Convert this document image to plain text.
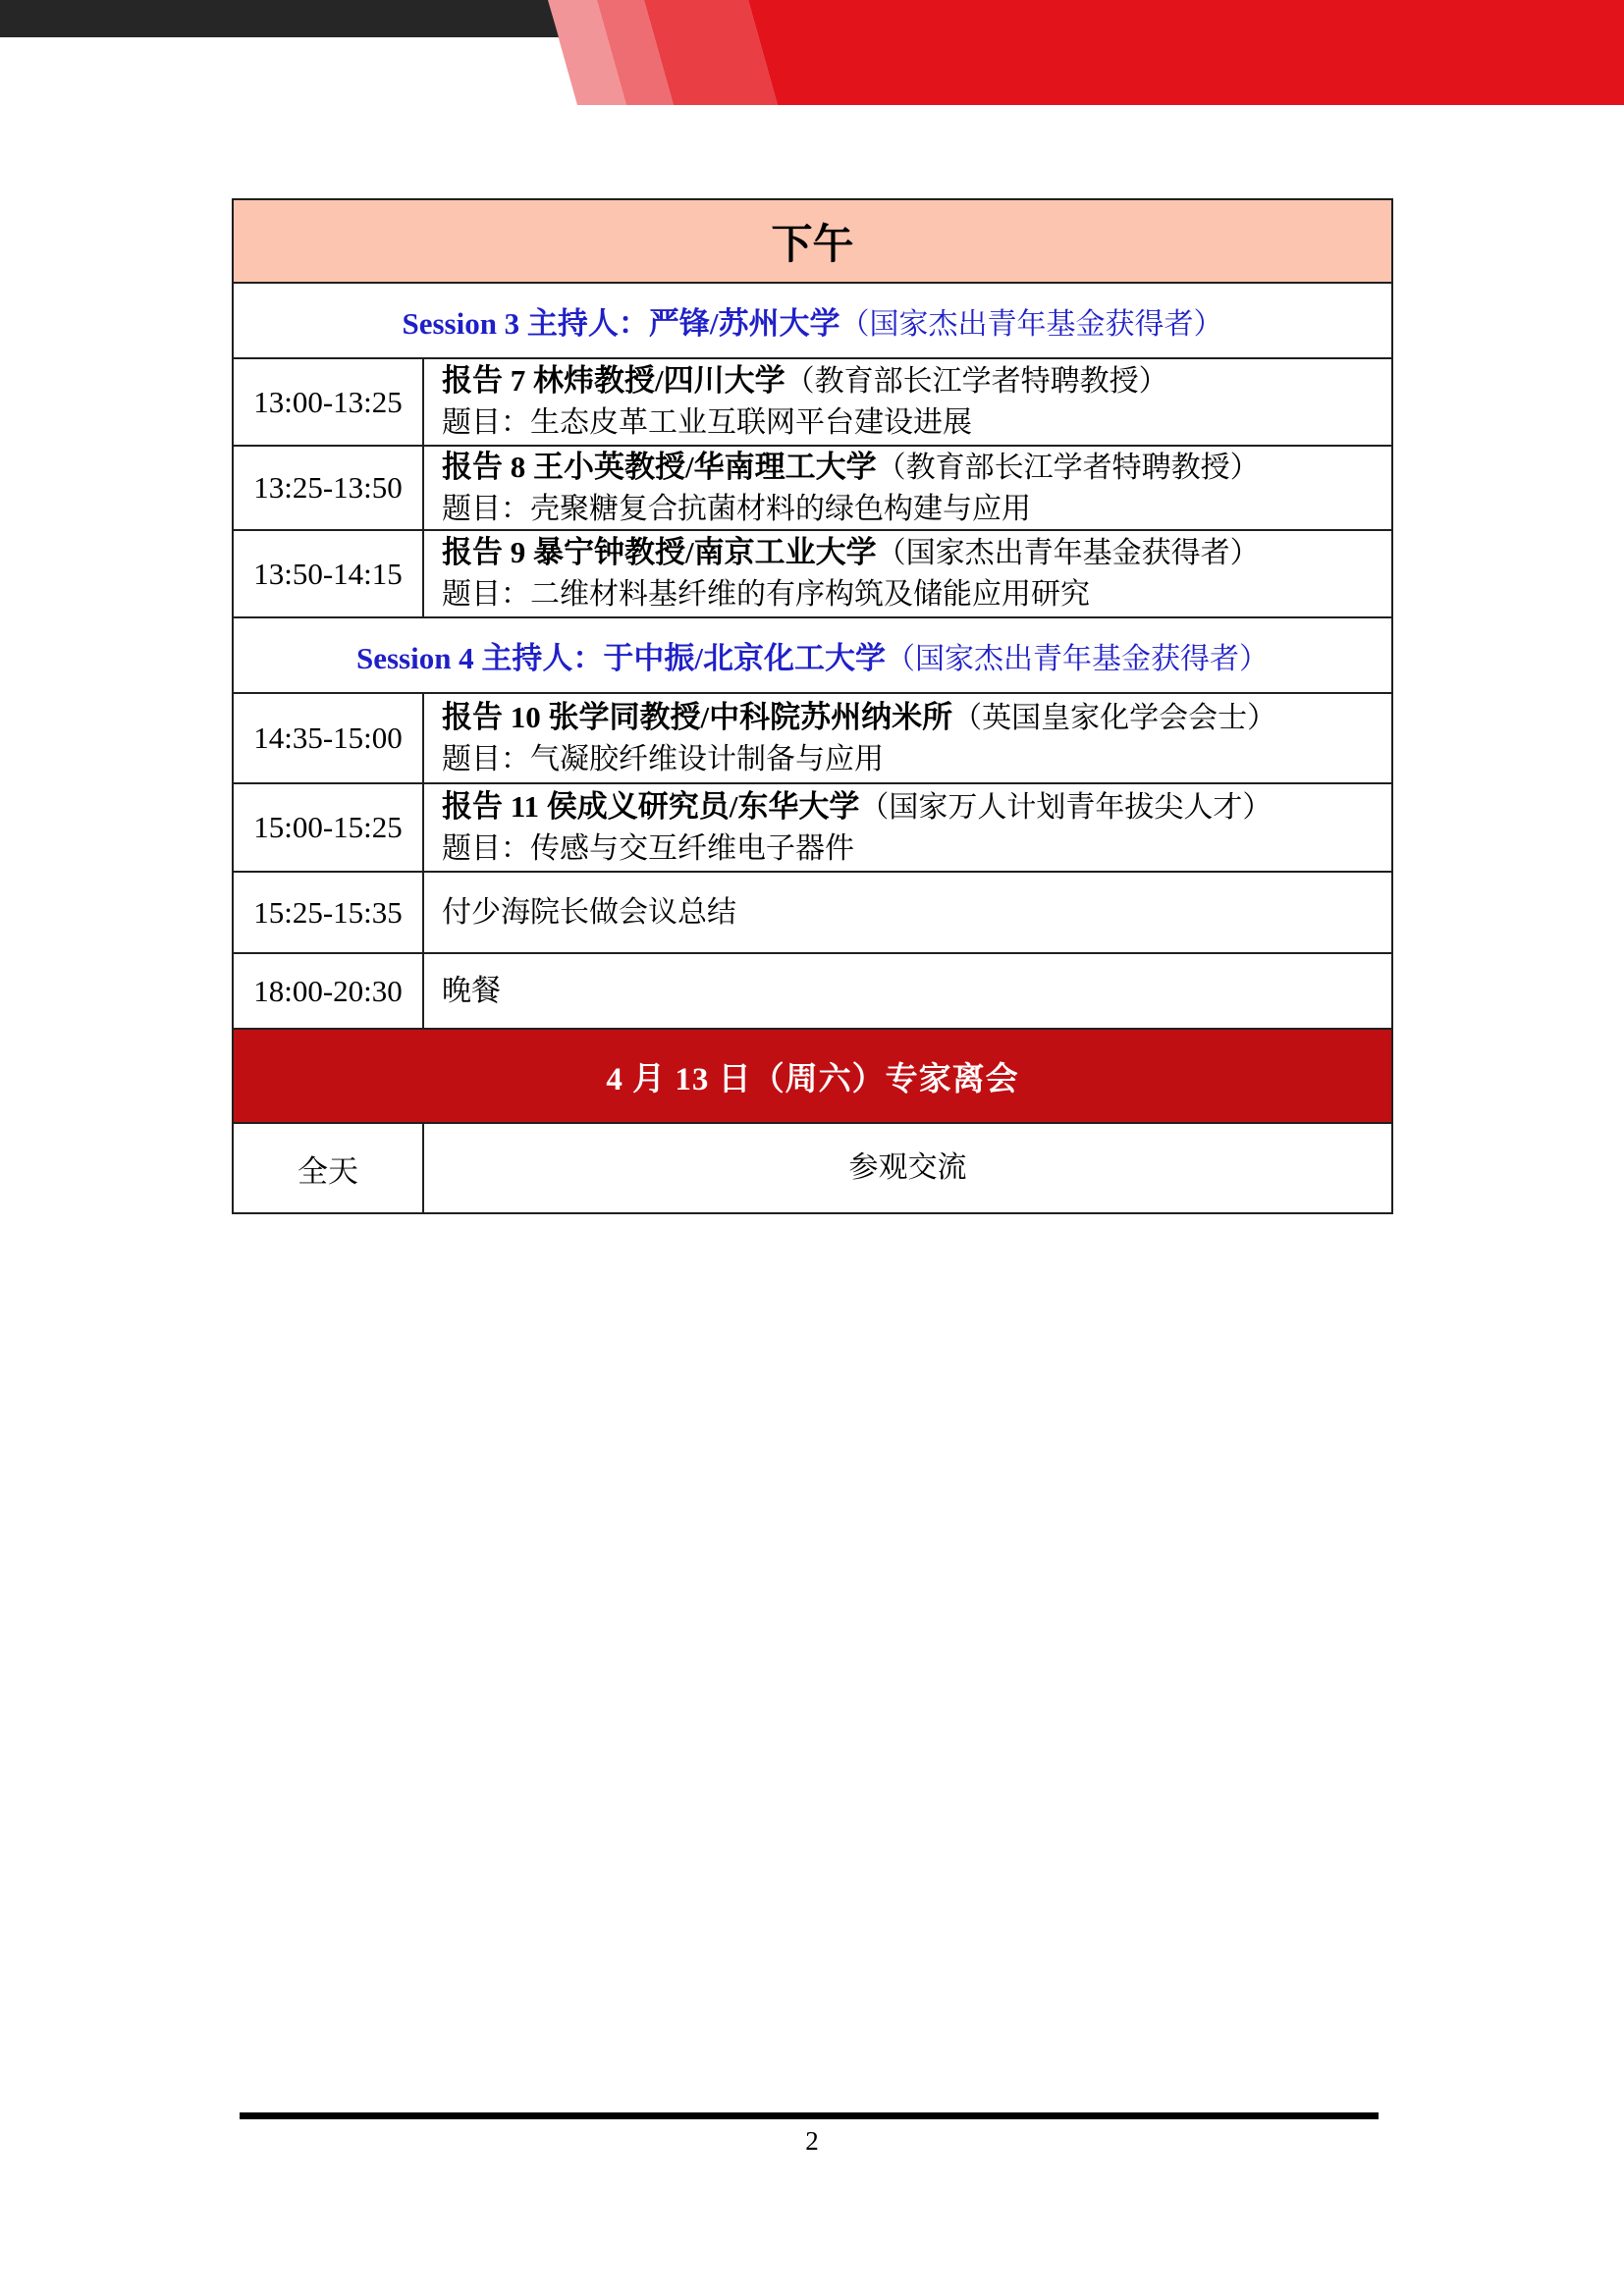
下午
Session 3 主持人：严锋/苏州大学（国家杰出青年基金获得者）
13:00-13:25
报告 7 林炜教授/四川大学（教育部长江学者特聘教授）
题目：生态皮革工业互联网平台建设进展
13:25-13:50
报告 8 王小英教授/华南理工大学（教育部长江学者特聘教授）
题目：壳聚糖复合抗菌材料的绿色构建与应用
13:50-14:15
报告 9 暴宁钟教授/南京工业大学（国家杰出青年基金获得者）
题目：二维材料基纤维的有序构筑及储能应用研究
Session 4 主持人：于中振/北京化工大学（国家杰出青年基金获得者）
14:35-15:00
报告 10 张学同教授/中科院苏州纳米所（英国皇家化学会会士）
题目：气凝胶纤维设计制备与应用
15:00-15:25
报告 11 侯成义研究员/东华大学（国家万人计划青年拔尖人才）
题目：传感与交互纤维电子器件
15:25-15:35 付少海院长做会议总结
18:00-20:30 晚餐
4 月 13 日（周六）专家离会
全天	参观交流
2
